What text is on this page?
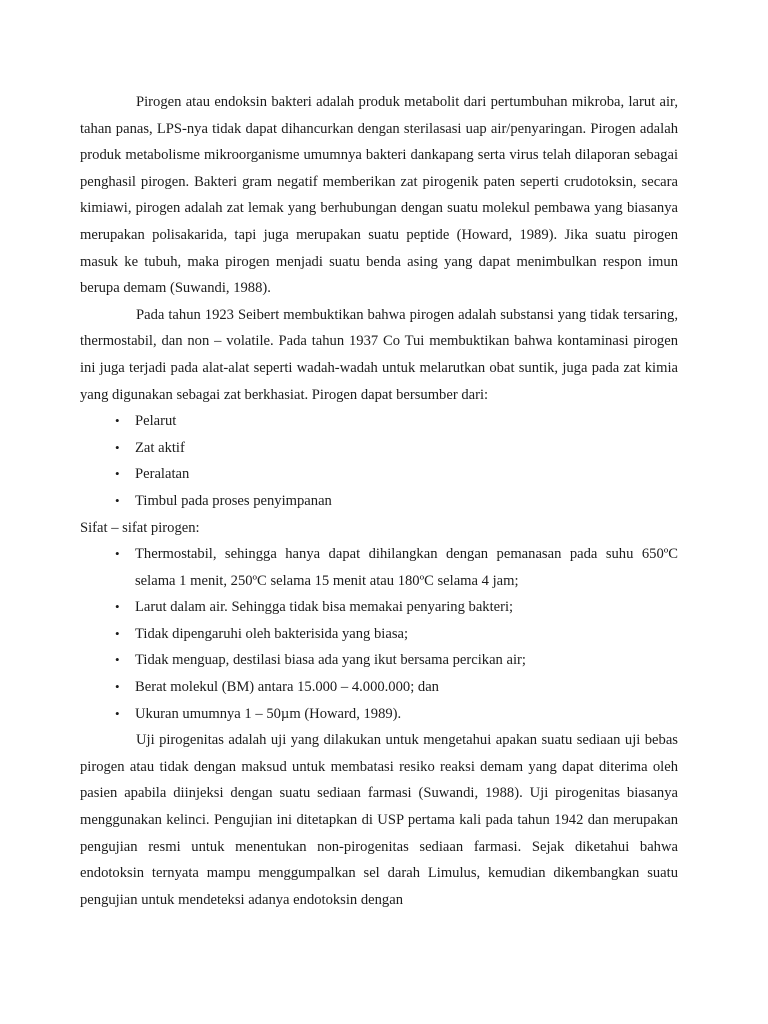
Pirogen atau endoksin bakteri adalah produk metabolit dari pertumbuhan mikroba, larut air, tahan panas, LPS-nya tidak dapat dihancurkan dengan sterilasasi uap air/penyaringan. Pirogen adalah produk metabolisme mikroorganisme umumnya bakteri dankapang serta virus telah dilaporan sebagai penghasil pirogen. Bakteri gram negatif memberikan zat pirogenik paten seperti crudotoksin, secara kimiawi, pirogen adalah zat lemak yang berhubungan dengan suatu molekul pembawa yang biasanya merupakan polisakarida, tapi juga merupakan suatu peptide (Howard, 1989). Jika suatu pirogen masuk ke tubuh, maka pirogen menjadi suatu benda asing yang dapat menimbulkan respon imun berupa demam (Suwandi, 1988).

Pada tahun 1923 Seibert membuktikan bahwa pirogen adalah substansi yang tidak tersaring, thermostabil, dan non – volatile. Pada tahun 1937 Co Tui membuktikan bahwa kontaminasi pirogen ini juga terjadi pada alat-alat seperti wadah-wadah untuk melarutkan obat suntik, juga pada zat kimia yang digunakan sebagai zat berkhasiat. Pirogen dapat bersumber dari:

• Pelarut
• Zat aktif
• Peralatan
• Timbul pada proses penyimpanan

Sifat – sifat pirogen:

• Thermostabil, sehingga hanya dapat dihilangkan dengan pemanasan pada suhu 650ºC selama 1 menit, 250ºC selama 15 menit atau 180ºC selama 4 jam;
• Larut dalam air. Sehingga tidak bisa memakai penyaring bakteri;
• Tidak dipengaruhi oleh bakterisida yang biasa;
• Tidak menguap, destilasi biasa ada yang ikut bersama percikan air;
• Berat molekul (BM) antara 15.000 – 4.000.000; dan
• Ukuran umumnya 1 – 50µm (Howard, 1989).

Uji pirogenitas adalah uji yang dilakukan untuk mengetahui apakan suatu sediaan uji bebas pirogen atau tidak dengan maksud untuk membatasi resiko reaksi demam yang dapat diterima oleh pasien apabila diinjeksi dengan suatu sediaan farmasi (Suwandi, 1988). Uji pirogenitas biasanya menggunakan kelinci. Pengujian ini ditetapkan di USP pertama kali pada tahun 1942 dan merupakan pengujian resmi untuk menentukan non-pirogenitas sediaan farmasi. Sejak diketahui bahwa endotoksin ternyata mampu menggumpalkan sel darah Limulus, kemudian dikembangkan suatu pengujian untuk mendeteksi adanya endotoksin dengan
